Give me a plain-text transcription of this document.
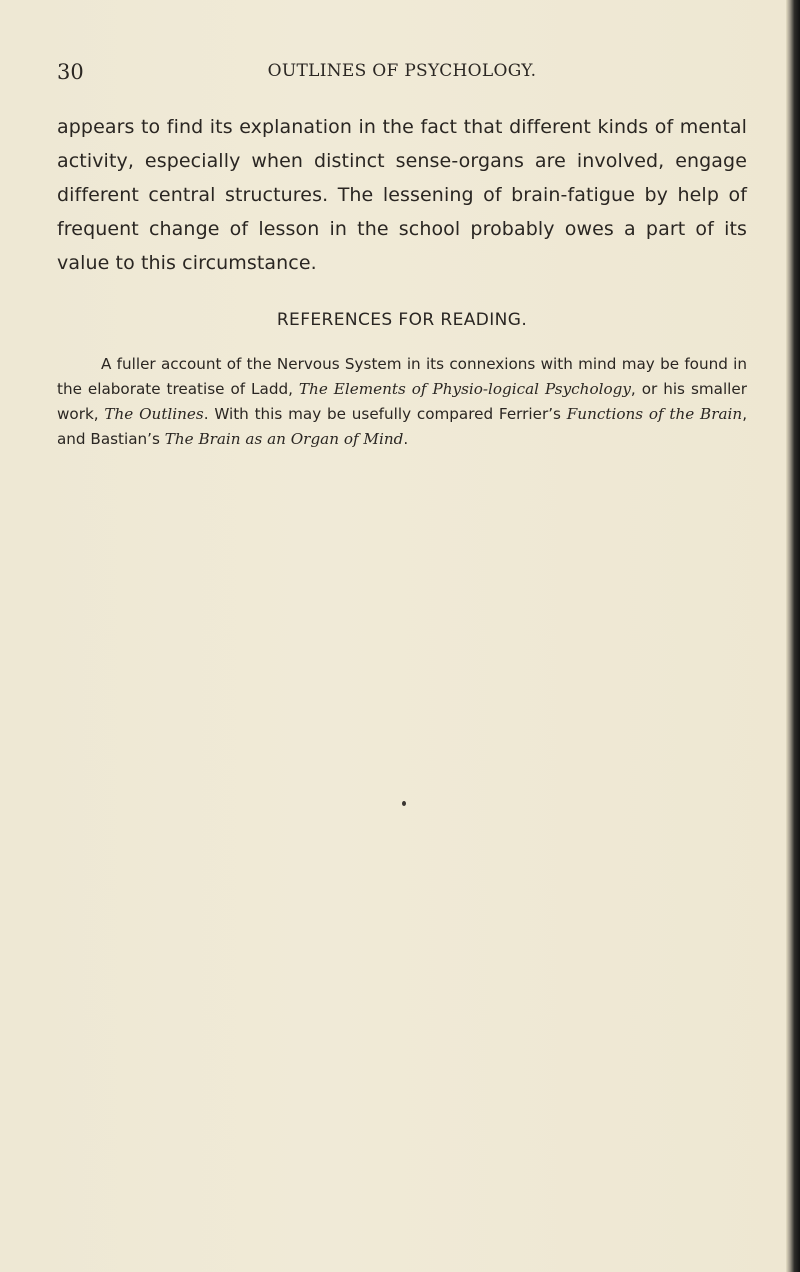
30	OUTLINES OF PSYCHOLOGY.

appears to find its explanation in the fact that different kinds of mental activity, especially when distinct sense-organs are involved, engage different central structures. The lessening of brain-fatigue by help of frequent change of lesson in the school probably owes a part of its value to this circumstance.

REFERENCES FOR READING.

A fuller account of the Nervous System in its connexions with mind may be found in the elaborate treatise of Ladd, The Elements of Physio-logical Psychology, or his smaller work, The Outlines. With this may be usefully compared Ferrier’s Functions of the Brain, and Bastian’s The Brain as an Organ of Mind.
